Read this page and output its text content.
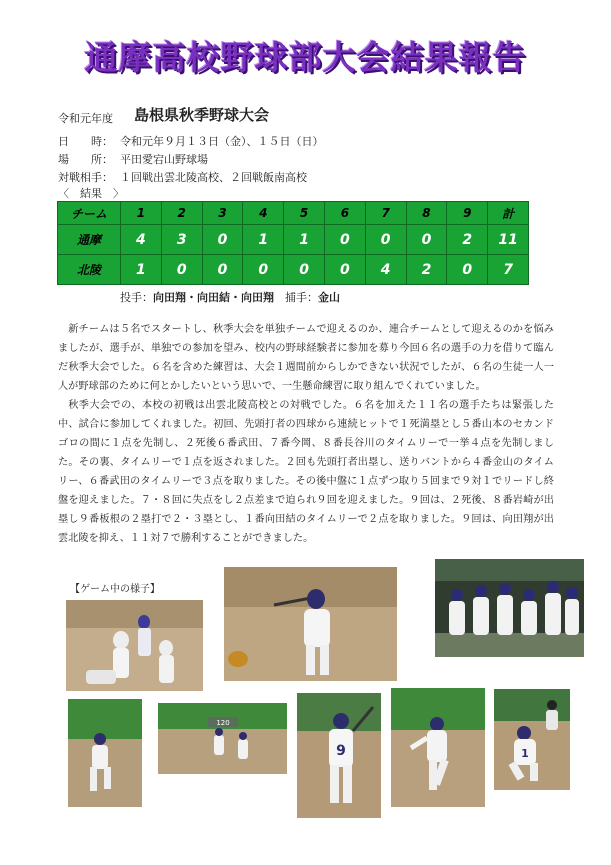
通摩高校野球部大会結果報告
令和元年度 島根県秋季野球大会
日　　時： 令和元年９月１３日（金）、１５日（日）
場　　所： 平田愛宕山野球場
対戦相手： １回戦出雲北陵高校、２回戦飯南高校
〈　結果　〉
チーム	1	2	3	4	5	6	7	8	9	計
通摩	4	3	0	1	1	0	0	0	2	11
北陵	1	0	0	0	0	0	4	2	0	7
投手：向田翔・向田結・向田翔　 捕手：金山

新チームは５名でスタートし、秋季大会を単独チームで迎えるのか、連合チームとして迎えるのかを悩みましたが、選手が、単独での参加を望み、校内の野球経験者に参加を募り今回６名の選手の力を借りて臨んだ秋季大会でした。６名を含めた練習は、大会１週間前からしかできない状況でしたが、６名の生徒一人一人が野球部のために何とかしたいという思いで、一生懸命練習に取り組んでくれていました。

秋季大会での、本校の初戦は出雲北陵高校との対戦でした。６名を加えた１１名の選手たちは緊張した中、試合に参加してくれました。初回、先頭打者の四球から連続ヒットで１死満塁とし５番山本のセカンドゴロの間に１点を先制し、２死後６番武田、７番今岡、８番長谷川のタイムリーで一挙４点を先制しました。その裏、タイムリーで１点を返されました。２回も先頭打者出塁し、送りバントから４番金山のタイムリー、６番武田のタイムリーで３点を取りました。その後中盤に１点ずつ取り５回まで９対１でリードし終盤を迎えました。７・８回に失点をし２点差まで迫られ９回を迎えました。９回は、２死後、８番岩崎が出塁し９番板根の２塁打で２・３塁とし、１番向田結のタイムリーで２点を取りました。９回は、向田翔が出雲北陵を抑え、１１対７で勝利することができました。

【ゲーム中の様子】
120
9	1
